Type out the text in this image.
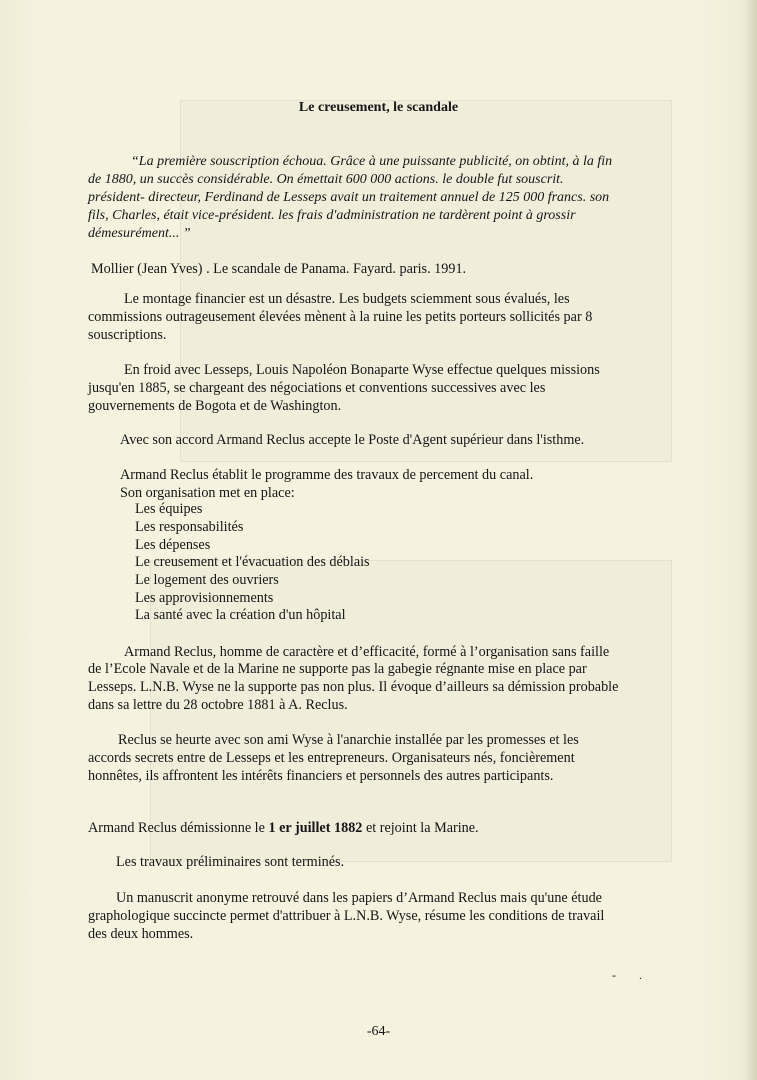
Le creusement, le scandale
“La première souscription échoua. Grâce à une puissante publicité, on obtint, à la fin
de 1880, un succès considérable. On émettait 600 000 actions. le double fut souscrit.
président- directeur, Ferdinand de Lesseps avait un traitement annuel de 125 000 francs. son
fils, Charles, était vice-président. les frais d'administration ne tardèrent point à grossir
démesurément... ”
Mollier (Jean Yves) . Le scandale de Panama. Fayard. paris. 1991.
Le montage financier est un désastre. Les budgets sciemment sous évalués, les
commissions outrageusement élevées mènent à la ruine les petits porteurs sollicités par 8
souscriptions.
En froid avec Lesseps, Louis Napoléon Bonaparte Wyse effectue quelques missions
jusqu'en 1885, se chargeant des négociations et conventions successives avec les
gouvernements de Bogota et de Washington.
Avec son accord Armand Reclus accepte le Poste d'Agent supérieur dans l'isthme.
Armand Reclus établit le programme des travaux de percement du canal.
Son organisation met en place:
Les équipes
Les responsabilités
Les dépenses
Le creusement et l'évacuation des déblais
Le logement des ouvriers
Les approvisionnements
La santé avec la création d'un hôpital
Armand Reclus, homme de caractère et d’efficacité, formé à l’organisation sans faille
de l’Ecole Navale et de la Marine ne supporte pas la gabegie régnante mise en place par
Lesseps. L.N.B. Wyse ne la supporte pas non plus. Il évoque d’ailleurs sa démission probable
dans sa lettre du 28 octobre 1881 à A. Reclus.
Reclus se heurte avec son ami Wyse à l'anarchie installée par les promesses et les
accords secrets entre de Lesseps et les entrepreneurs. Organisateurs nés, foncièrement
honnêtes, ils affrontent les intérêts financiers et personnels des autres participants.
Armand Reclus démissionne le 1 er juillet 1882 et rejoint la Marine.
Les travaux préliminaires sont terminés.
Un manuscrit anonyme retrouvé dans les papiers d’Armand Reclus mais qu'une étude
graphologique succincte permet d'attribuer à L.N.B. Wyse, résume les conditions de travail
des deux hommes.
- .
-64-
